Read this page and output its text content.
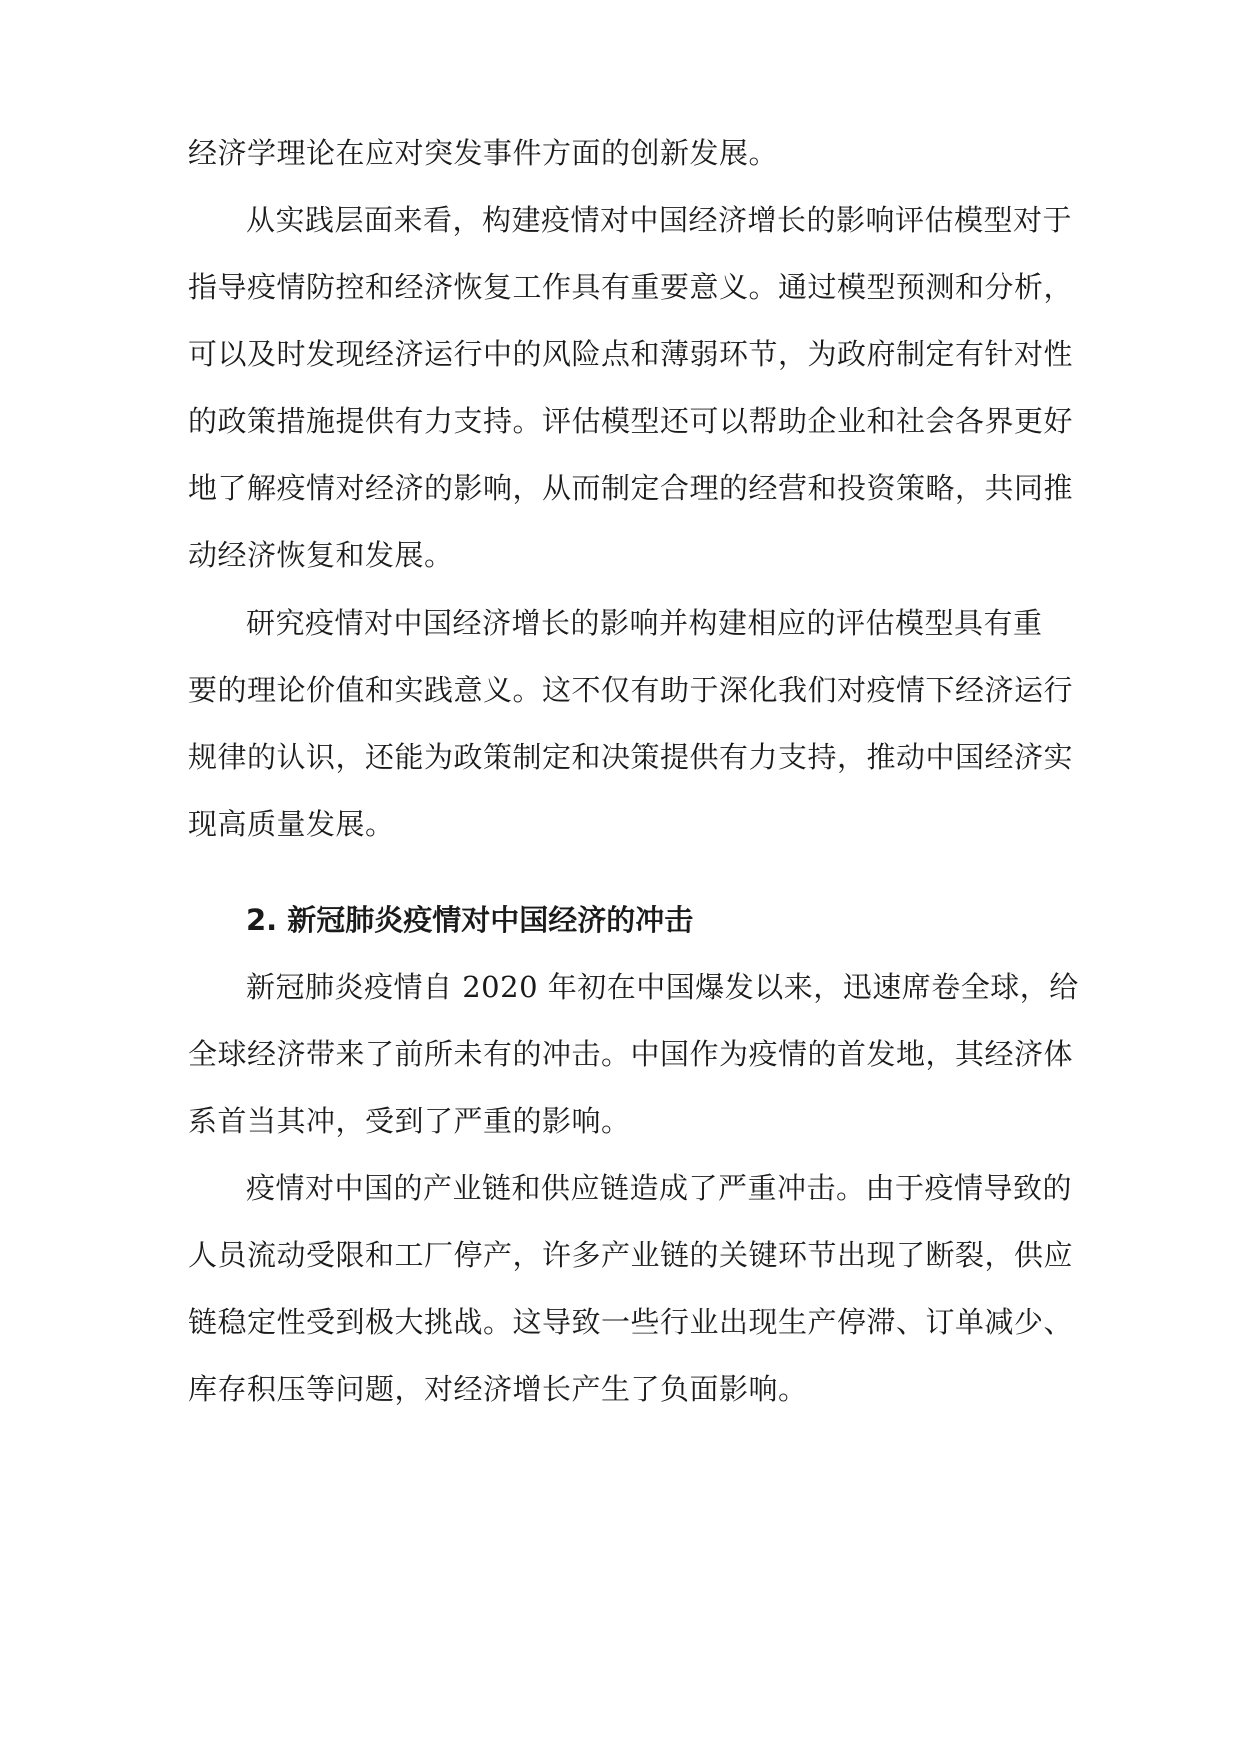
经济学理论在应对突发事件方面的创新发展。
从实践层面来看，构建疫情对中国经济增长的影响评估模型对于
指导疫情防控和经济恢复工作具有重要意义。通过模型预测和分析，
可以及时发现经济运行中的风险点和薄弱环节，为政府制定有针对性
的政策措施提供有力支持。评估模型还可以帮助企业和社会各界更好
地了解疫情对经济的影响，从而制定合理的经营和投资策略，共同推
动经济恢复和发展。
研究疫情对中国经济增长的影响并构建相应的评估模型具有重
要的理论价值和实践意义。这不仅有助于深化我们对疫情下经济运行
规律的认识，还能为政策制定和决策提供有力支持，推动中国经济实
现高质量发展。
2. 新冠肺炎疫情对中国经济的冲击
新冠肺炎疫情自 2020 年初在中国爆发以来，迅速席卷全球，给
全球经济带来了前所未有的冲击。中国作为疫情的首发地，其经济体
系首当其冲，受到了严重的影响。
疫情对中国的产业链和供应链造成了严重冲击。由于疫情导致的
人员流动受限和工厂停产，许多产业链的关键环节出现了断裂，供应
链稳定性受到极大挑战。这导致一些行业出现生产停滞、订单减少、
库存积压等问题，对经济增长产生了负面影响。
